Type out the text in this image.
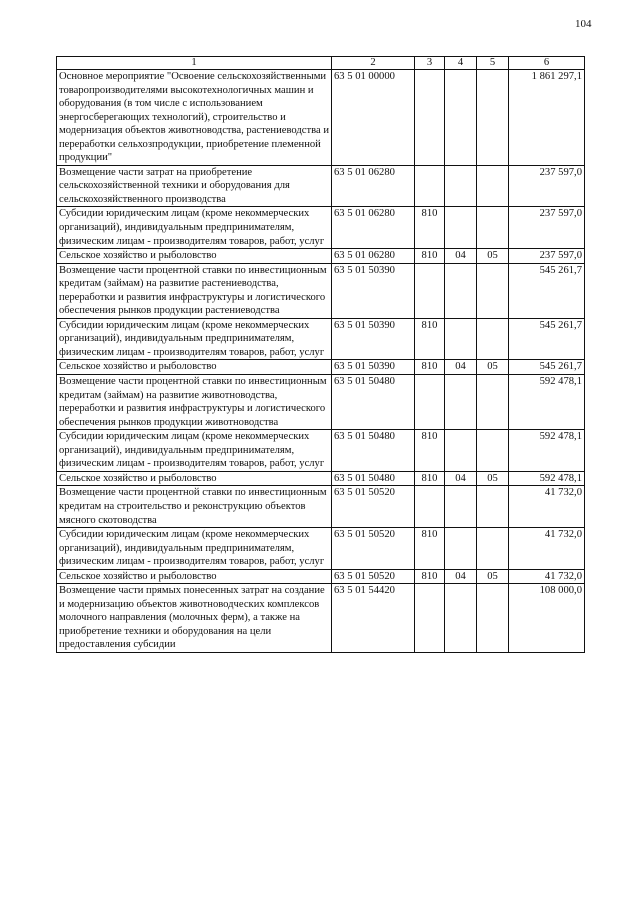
104
1	2	3	4	5	6
Основное мероприятие "Освоение сельскохозяйственными товаропроизводителями высокотехнологичных машин и оборудования (в том числе с использованием энергосберегающих технологий), строительство и модернизация объектов животноводства, растениеводства и переработки сельхозпродукции, приобретение племенной продукции"	63 5 01 00000				1 861 297,1
Возмещение части затрат на приобретение сельскохозяйственной техники и оборудования для сельскохозяйственного производства	63 5 01 06280				237 597,0
Субсидии юридическим лицам (кроме некоммерческих организаций), индивидуальным предпринимателям, физическим лицам - производителям товаров, работ, услуг	63 5 01 06280	810			237 597,0
Сельское хозяйство и рыболовство	63 5 01 06280	810	04	05	237 597,0
Возмещение части процентной ставки по инвестиционным кредитам (займам) на развитие растениеводства, переработки и развития инфраструктуры и логистического обеспечения рынков продукции растениеводства	63 5 01 50390				545 261,7
Субсидии юридическим лицам (кроме некоммерческих организаций), индивидуальным предпринимателям, физическим лицам - производителям товаров, работ, услуг	63 5 01 50390	810			545 261,7
Сельское хозяйство и рыболовство	63 5 01 50390	810	04	05	545 261,7
Возмещение части процентной ставки по инвестиционным кредитам (займам) на развитие животноводства, переработки и развития инфраструктуры и логистического обеспечения рынков продукции животноводства	63 5 01 50480				592 478,1
Субсидии юридическим лицам (кроме некоммерческих организаций), индивидуальным предпринимателям, физическим лицам - производителям товаров, работ, услуг	63 5 01 50480	810			592 478,1
Сельское хозяйство и рыболовство	63 5 01 50480	810	04	05	592 478,1
Возмещение части процентной ставки по инвестиционным кредитам на строительство и реконструкцию объектов мясного скотоводства	63 5 01 50520				41 732,0
Субсидии юридическим лицам (кроме некоммерческих организаций), индивидуальным предпринимателям, физическим лицам - производителям товаров, работ, услуг	63 5 01 50520	810			41 732,0
Сельское хозяйство и рыболовство	63 5 01 50520	810	04	05	41 732,0
Возмещение части прямых понесенных затрат на создание и модернизацию объектов животноводческих комплексов молочного направления (молочных ферм), а также на приобретение техники и оборудования на цели предоставления субсидии	63 5 01 54420				108 000,0
